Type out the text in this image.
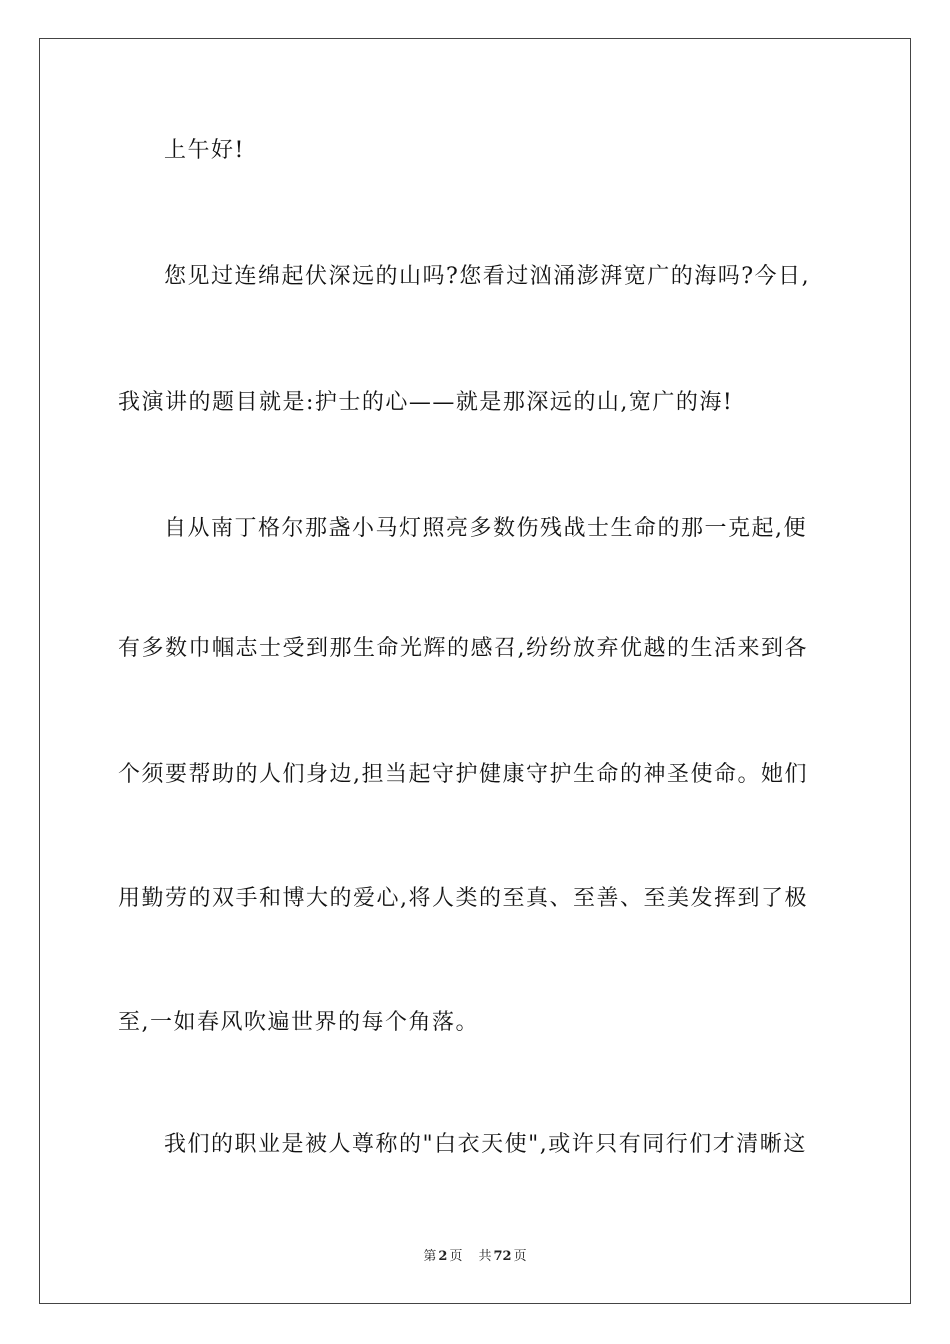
上午好!
您见过连绵起伏深远的山吗?您看过汹涌澎湃宽广的海吗?今日,
我演讲的题目就是:护士的心——就是那深远的山,宽广的海!
自从南丁格尔那盏小马灯照亮多数伤残战士生命的那一克起,便
有多数巾帼志士受到那生命光辉的感召,纷纷放弃优越的生活来到各
个须要帮助的人们身边,担当起守护健康守护生命的神圣使命。她们
用勤劳的双手和博大的爱心,将人类的至真、至善、至美发挥到了极
至,一如春风吹遍世界的每个角落。
我们的职业是被人尊称的"白衣天使",或许只有同行们才清晰这
第 2 页 共 72 页
